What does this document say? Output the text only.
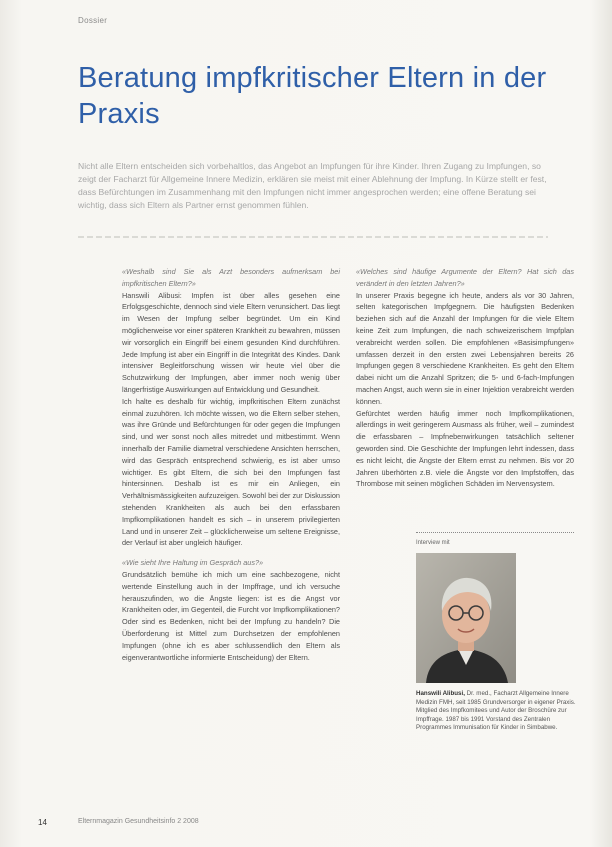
Dossier
Beratung impfkritischer Eltern in der Praxis
Nicht alle Eltern entscheiden sich vorbehaltlos, das Angebot an Impfungen für ihre Kinder. Ihren Zugang zu Impfungen, so zeigt der Facharzt für Allgemeine Innere Medizin, erklären sie meist mit einer Ablehnung der Impfung. In Kürze stellt er fest, dass Befürchtungen im Zusammenhang mit den Impfungen nicht immer angesprochen werden; eine offene Beratung sei wichtig, dass sich Eltern als Partner ernst genommen fühlen.

«Weshalb sind Sie als Arzt besonders aufmerksam bei impfkritischen Eltern?»

Hanswili Alibusi: Impfen ist über alles gesehen eine Erfolgsgeschichte, dennoch sind viele Eltern verunsichert. Das liegt im Wesen der Impfung selber begründet. Um ein Kind möglicherweise vor einer späteren Krankheit zu bewahren, müssen wir vorsorglich ein Eingriff bei einem gesunden Kind durchführen. Jede Impfung ist aber ein Eingriff in die Integrität des Kindes. Dank intensiver Begleitforschung wissen wir heute viel über die Schutzwirkung der Impfungen, aber immer noch wenig über längerfristige Auswirkungen auf Entwicklung und Gesundheit.

Ich halte es deshalb für wichtig, impfkritischen Eltern zunächst einmal zuzuhören. Ich möchte wissen, wo die Eltern selber stehen, was ihre Gründe und Befürchtungen für oder gegen die Impfungen sind, und wer sonst noch alles mitredet und mitbestimmt. Wenn innerhalb der Familie diametral verschiedene Ansichten herrschen, wird das Gespräch entsprechend schwierig, es ist aber umso wichtiger. Es gibt Eltern, die sich bei den Impfungen fast hintersinnen. Deshalb ist es mir ein Anliegen, ein Verhältnismässigkeiten aufzuzeigen. Sowohl bei der zur Diskussion stehenden Krankheiten als auch bei den erfassbaren Impfkomplikationen handelt es sich – in unserem privilegierten Land und in unserer Zeit – glücklicherweise um seltene Ereignisse, der Verlauf ist aber ungleich häufiger.

«Wie sieht Ihre Haltung im Gespräch aus?»

Grundsätzlich bemühe ich mich um eine sachbezogene, nicht wertende Einstellung auch in der Impffrage, und ich versuche herauszufinden, wo die Ängste liegen: ist es die Angst vor Krankheiten oder, im Gegenteil, die Furcht vor Impfkomplikationen? Oder sind es Bedenken, nicht bei der Impfung zu handeln? Die Überforderung ist Mittel zum Durchsetzen der empfohlenen Impfungen (ohne ich es aber schlussendlich den Eltern als eigenverantwortliche informierte Entscheidung) der Eltern.

«Welches sind häufige Argumente der Eltern? Hat sich das verändert in den letzten Jahren?»

In unserer Praxis begegne ich heute, anders als vor 30 Jahren, selten kategorischen Impfgegnern. Die häufigsten Bedenken beziehen sich auf die Anzahl der Impfungen für die viele Eltern keine Zeit zum Impfungen, die nach schweizerischem Impfplan verabreicht werden sollen. Die empfohlenen «Basisimpfungen» umfassen derzeit in den ersten zwei Lebensjahren bereits 26 Impfungen gegen 8 verschiedene Krankheiten. Es geht den Eltern dabei nicht um die Anzahl Spritzen; die 5- und 6-fach-Impfungen machen Angst, auch wenn sie in einer Injektion verabreicht werden können.

Gefürchtet werden häufig immer noch Impfkomplikationen, allerdings in weit geringerem Ausmass als früher, weil – zumindest die erfassbaren – Impfnebenwirkungen tatsächlich seltener geworden sind. Die Geschichte der Impfungen lehrt indessen, dass es nicht leicht, die Ängste der Eltern ernst zu nehmen. Bis vor 20 Jahren überhörten z.B. viele die Ängste vor den Impfstoffen, das Thrombose mit seinen möglichen Schäden im Nervensystem.

Interview mit
Hanswili Alibusi, Dr. med., Facharzt Allgemeine Innere Medizin FMH, seit 1985 Grundversorger in eigener Praxis. Mitglied des Impfkomitees und Autor der Broschüre zur Impffrage. 1987 bis 1991 Vorstand des Zentralen Programmes Immunisation für Kinder in Simbabwe.
14	Elternmagazin Gesundheitsinfo 2 2008
